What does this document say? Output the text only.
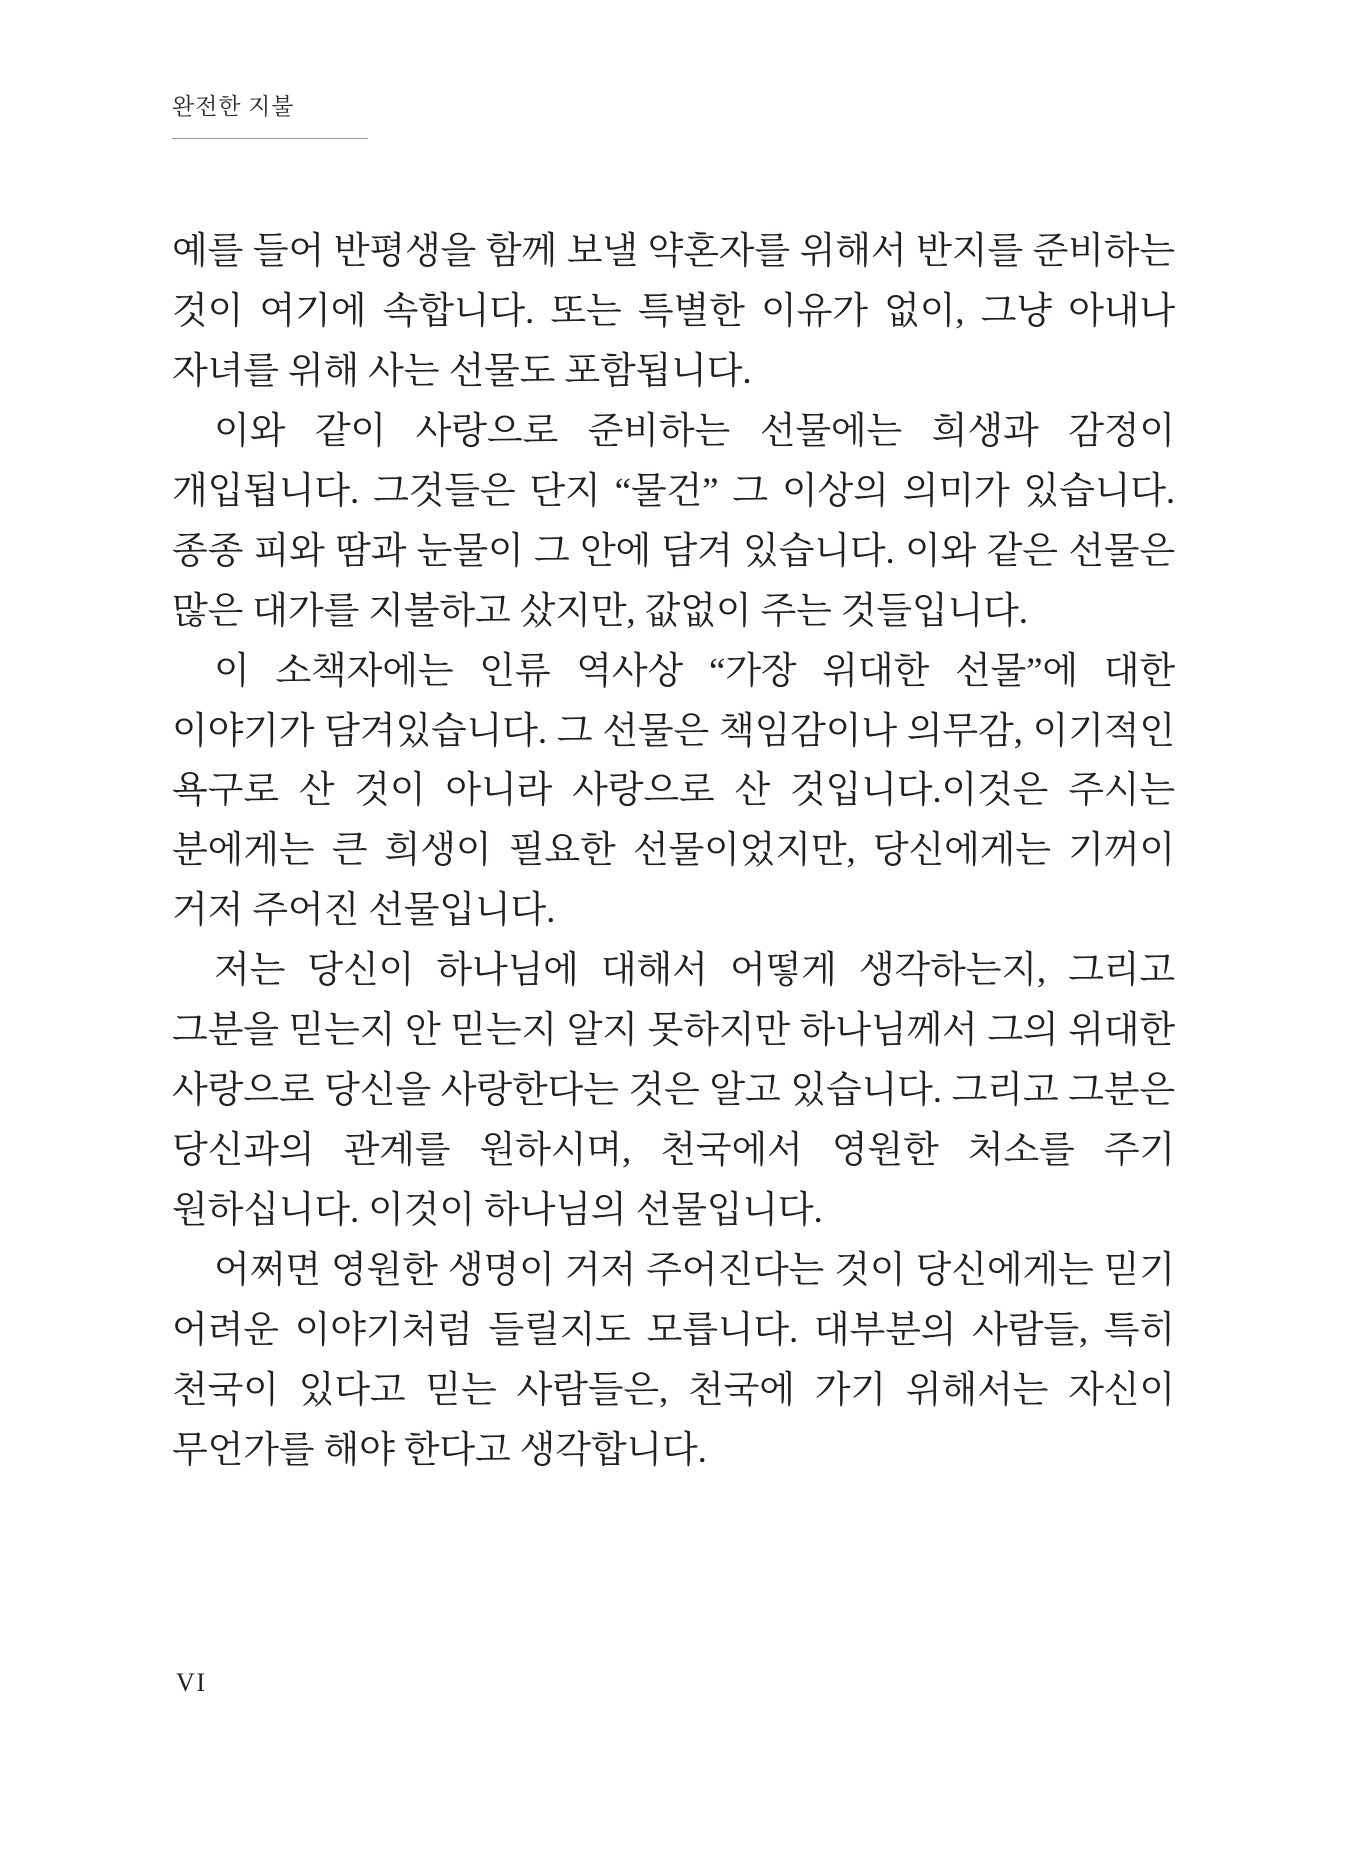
완전한 지불

예를 들어 반평생을 함께 보낼 약혼자를 위해서 반지를 준비하는 것이 여기에 속합니다. 또는 특별한 이유가 없이, 그냥 아내나 자녀를 위해 사는 선물도 포함됩니다.

이와 같이 사랑으로 준비하는 선물에는 희생과 감정이 개입됩니다. 그것들은 단지 “물건” 그 이상의 의미가 있습니다. 종종 피와 땀과 눈물이 그 안에 담겨 있습니다. 이와 같은 선물은 많은 대가를 지불하고 샀지만, 값없이 주는 것들입니다.

이 소책자에는 인류 역사상 “가장 위대한 선물”에 대한 이야기가 담겨있습니다. 그 선물은 책임감이나 의무감, 이기적인 욕구로 산 것이 아니라 사랑으로 산 것입니다.이것은 주시는 분에게는 큰 희생이 필요한 선물이었지만, 당신에게는 기꺼이 거저 주어진 선물입니다.

저는 당신이 하나님에 대해서 어떻게 생각하는지, 그리고 그분을 믿는지 안 믿는지 알지 못하지만 하나님께서 그의 위대한 사랑으로 당신을 사랑한다는 것은 알고 있습니다. 그리고 그분은 당신과의 관계를 원하시며, 천국에서 영원한 처소를 주기 원하십니다. 이것이 하나님의 선물입니다.

어쩌면 영원한 생명이 거저 주어진다는 것이 당신에게는 믿기 어려운 이야기처럼 들릴지도 모릅니다. 대부분의 사람들, 특히 천국이 있다고 믿는 사람들은, 천국에 가기 위해서는 자신이 무언가를 해야 한다고 생각합니다.

VI
